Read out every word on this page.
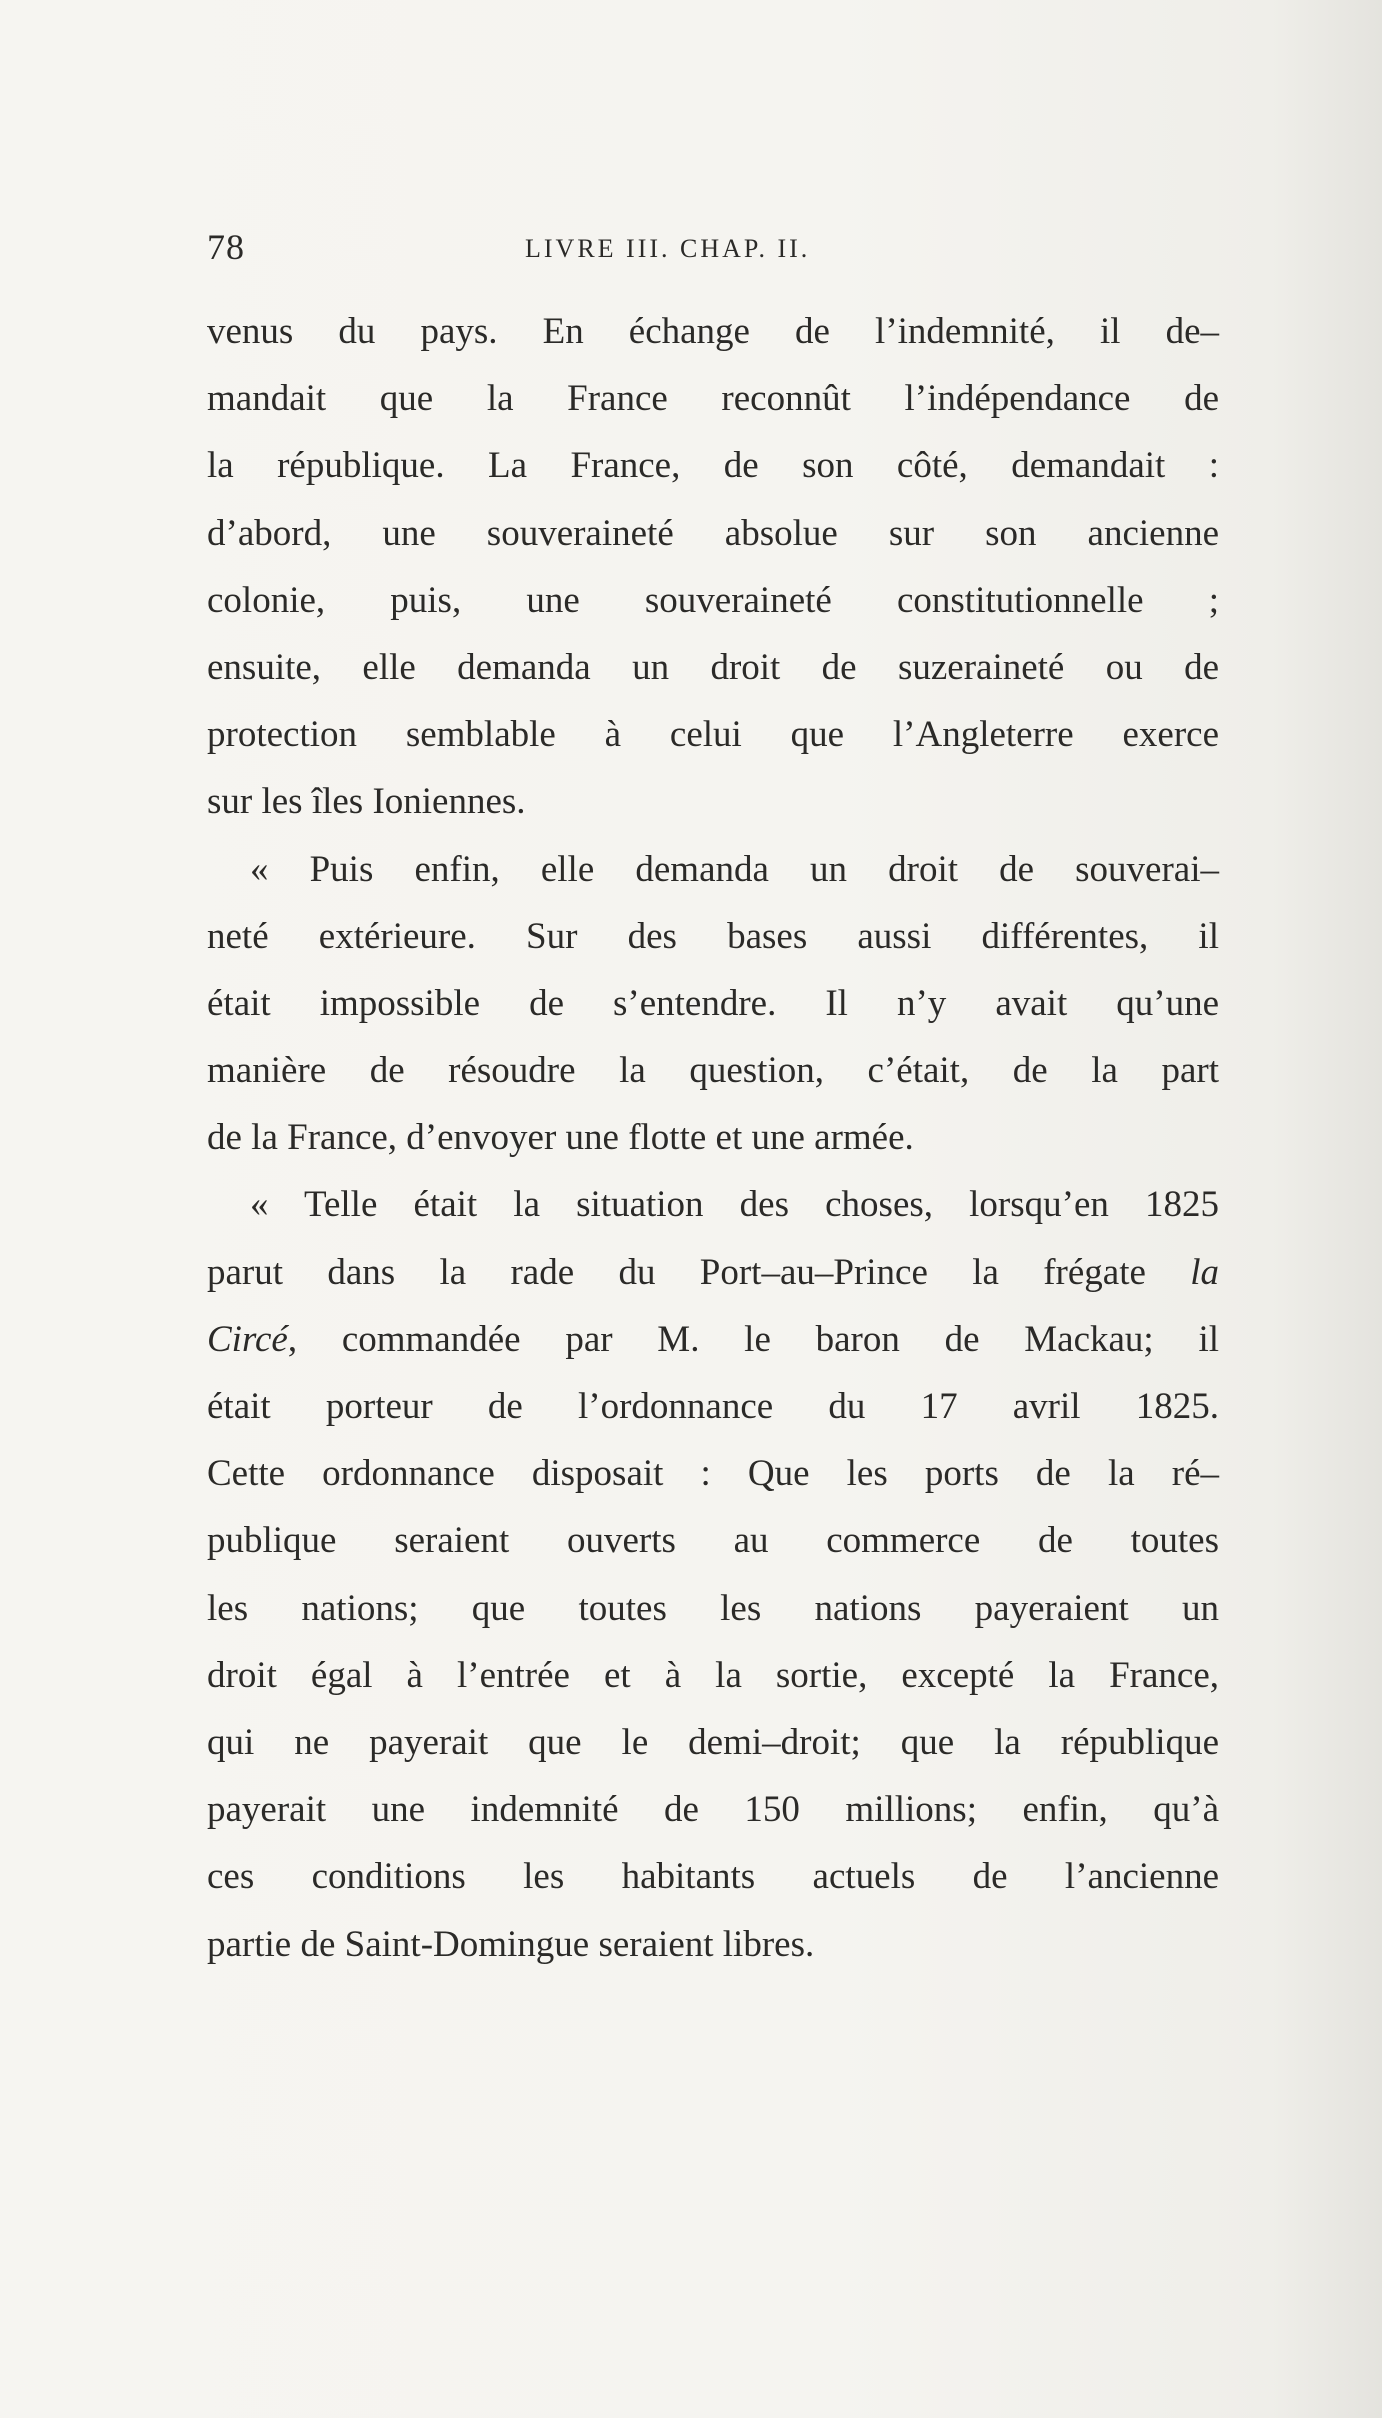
78	LIVRE III. CHAP. II.
venus du pays. En échange de l’indemnité, il de–
mandait que la France reconnût l’indépendance de
la république. La France, de son côté, demandait :
d’abord, une souveraineté absolue sur son ancienne
colonie, puis, une souveraineté constitutionnelle ;
ensuite, elle demanda un droit de suzeraineté ou de
protection semblable à celui que l’Angleterre exerce
sur les îles Ioniennes.
« Puis enfin, elle demanda un droit de souverai–
neté extérieure. Sur des bases aussi différentes, il
était impossible de s’entendre. Il n’y avait qu’une
manière de résoudre la question, c’était, de la part
de la France, d’envoyer une flotte et une armée.
« Telle était la situation des choses, lorsqu’en 1825
parut dans la rade du Port–au–Prince la frégate la
Circé, commandée par M. le baron de Mackau; il
était porteur de l’ordonnance du 17 avril 1825.
Cette ordonnance disposait : Que les ports de la ré–
publique seraient ouverts au commerce de toutes
les nations; que toutes les nations payeraient un
droit égal à l’entrée et à la sortie, excepté la France,
qui ne payerait que le demi–droit; que la république
payerait une indemnité de 150 millions; enfin, qu’à
ces conditions les habitants actuels de l’ancienne
partie de Saint-Domingue seraient libres.
